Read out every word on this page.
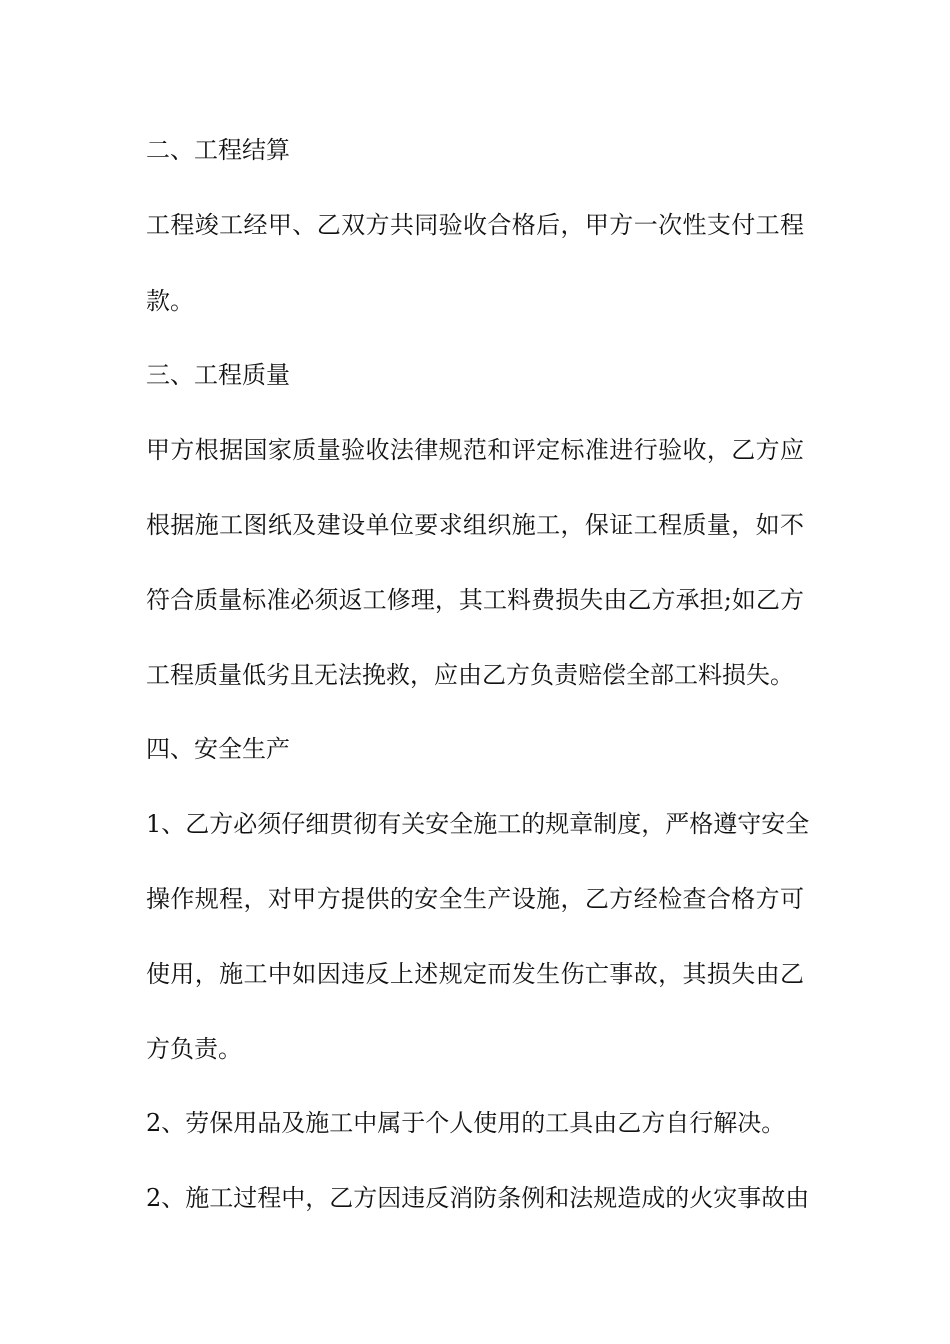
二、工程结算
工程竣工经甲、乙双方共同验收合格后，甲方一次性支付工程
款。
三、工程质量
甲方根据国家质量验收法律规范和评定标准进行验收，乙方应
根据施工图纸及建设单位要求组织施工，保证工程质量，如不
符合质量标准必须返工修理，其工料费损失由乙方承担;如乙方
工程质量低劣且无法挽救，应由乙方负责赔偿全部工料损失。
四、安全生产
1、乙方必须仔细贯彻有关安全施工的规章制度，严格遵守安全
操作规程，对甲方提供的安全生产设施，乙方经检查合格方可
使用，施工中如因违反上述规定而发生伤亡事故，其损失由乙
方负责。
2、劳保用品及施工中属于个人使用的工具由乙方自行解决。
2、施工过程中，乙方因违反消防条例和法规造成的火灾事故由
